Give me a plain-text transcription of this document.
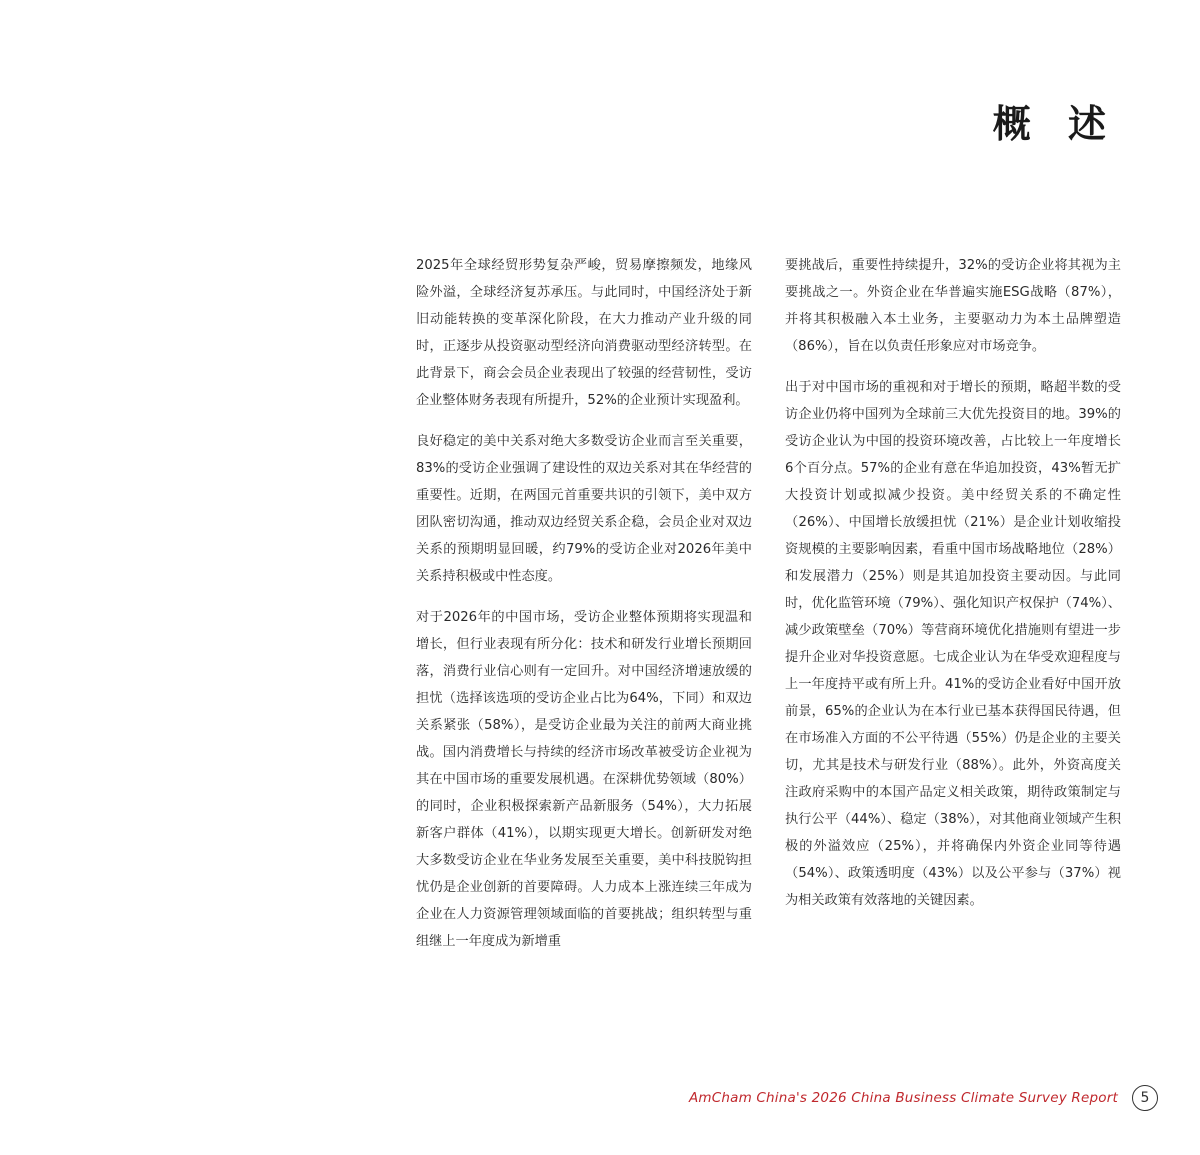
概 述

2025年全球经贸形势复杂严峻，贸易摩擦频发，地缘风险外溢，全球经济复苏承压。与此同时，中国经济处于新旧动能转换的变革深化阶段，在大力推动产业升级的同时，正逐步从投资驱动型经济向消费驱动型经济转型。在此背景下，商会会员企业表现出了较强的经营韧性，受访企业整体财务表现有所提升，52%的企业预计实现盈利。

良好稳定的美中关系对绝大多数受访企业而言至关重要，83%的受访企业强调了建设性的双边关系对其在华经营的重要性。近期，在两国元首重要共识的引领下，美中双方团队密切沟通，推动双边经贸关系企稳，会员企业对双边关系的预期明显回暖，约79%的受访企业对2026年美中关系持积极或中性态度。

对于2026年的中国市场，受访企业整体预期将实现温和增长，但行业表现有所分化：技术和研发行业增长预期回落，消费行业信心则有一定回升。对中国经济增速放缓的担忧（选择该选项的受访企业占比为64%，下同）和双边关系紧张（58%），是受访企业最为关注的前两大商业挑战。国内消费增长与持续的经济市场改革被受访企业视为其在中国市场的重要发展机遇。在深耕优势领域（80%）的同时，企业积极探索新产品新服务（54%），大力拓展新客户群体（41%），以期实现更大增长。创新研发对绝大多数受访企业在华业务发展至关重要，美中科技脱钩担忧仍是企业创新的首要障碍。人力成本上涨连续三年成为企业在人力资源管理领域面临的首要挑战；组织转型与重组继上一年度成为新增重

要挑战后，重要性持续提升，32%的受访企业将其视为主要挑战之一。外资企业在华普遍实施ESG战略（87%），并将其积极融入本土业务，主要驱动力为本土品牌塑造（86%），旨在以负责任形象应对市场竞争。

出于对中国市场的重视和对于增长的预期，略超半数的受访企业仍将中国列为全球前三大优先投资目的地。39%的受访企业认为中国的投资环境改善，占比较上一年度增长6个百分点。57%的企业有意在华追加投资，43%暂无扩大投资计划或拟减少投资。美中经贸关系的不确定性（26%）、中国增长放缓担忧（21%）是企业计划收缩投资规模的主要影响因素，看重中国市场战略地位（28%）和发展潜力（25%）则是其追加投资主要动因。与此同时，优化监管环境（79%）、强化知识产权保护（74%）、减少政策壁垒（70%）等营商环境优化措施则有望进一步提升企业对华投资意愿。七成企业认为在华受欢迎程度与上一年度持平或有所上升。41%的受访企业看好中国开放前景，65%的企业认为在本行业已基本获得国民待遇，但在市场准入方面的不公平待遇（55%）仍是企业的主要关切，尤其是技术与研发行业（88%）。此外，外资高度关注政府采购中的本国产品定义相关政策，期待政策制定与执行公平（44%）、稳定（38%），对其他商业领域产生积极的外溢效应（25%），并将确保内外资企业同等待遇（54%）、政策透明度（43%）以及公平参与（37%）视为相关政策有效落地的关键因素。

AmCham China's 2026 China Business Climate Survey Report	5
